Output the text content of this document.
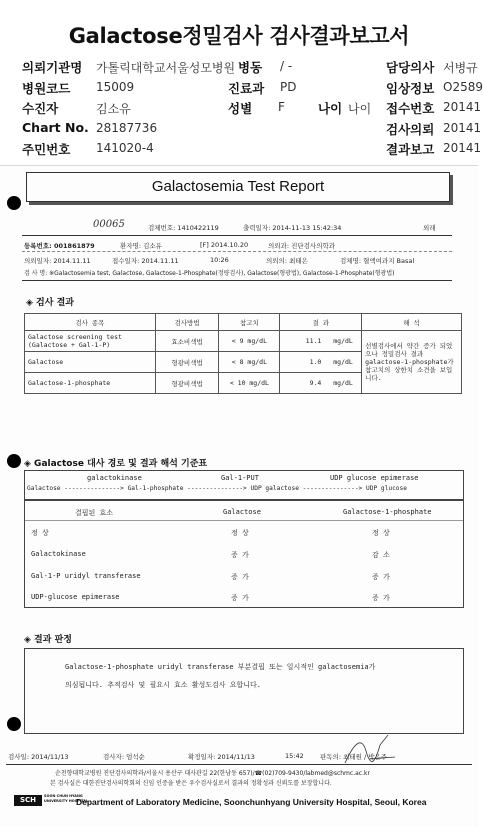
Galactose정밀검사 검사결과보고서
의뢰기관명 가톨릭대학교서울성모병원 병동 / -	담당의사 서병규
병원코드 15009	진료과 PD	임상정보 O2589
수진자	김소유	성별 F	나이 나이 접수번호 20141
Chart No. 28187736	검사의뢰 20141
주민번호 141020-4	결과보고 20141
Galactosemia Test Report
00065	검체번호: 1410422119	출력일자: 2014-11-13 15:42:34	외래
등록번호: 001861879	환자명: 김소유	[F] 2014.10.20	의뢰과: 진단검사의학과
의뢰일자: 2014.11.11	접수일자: 2014.11.11	10:26	의뢰의: 최태은	검체명: 혈액여과지 Basal
검 사 명: ※Galactosemia test, Galactose, Galactose-1-Phosphate(정량검사), Galactose(형광법), Galactose-1-Phosphate(형광법)
◈ 검사 결과
검사 종목	검사방법	참고치	결 과	해 석
Galactose screening test (Galactose + Gal-1-P)	효소비색법	< 9 mg/dL	11.1 mg/dL	선별검사에서 약간 증가 되었으나 정밀검사 결과 galactose-1-phosphate가 참고치의 상한치 소견을 보입니다.
Galactose	형광비색법	< 8 mg/dL	1.0 mg/dL	
Galactose-1-phosphate	형광비색법	< 10 mg/dL	9.4 mg/dL	
◈ Galactose 대사 경로 및 결과 해석 기준표
galactokinase	Gal-1-PUT	UDP glucose epimerase
Galactose ---------------> Gal-1-phosphate ---------------> UDP galactose ---------------> UDP glucose
결핍된 효소	Galactose	Galactose-1-phosphate
정 상	정 상	정 상
Galactokinase	증 가	감 소
Gal-1-P uridyl transferase	증 가	증 가
UDP-glucose epimerase	증 가	증 가
◈ 결과 판정
Galactose-1-phosphate uridyl transferase 부분결핍 또는 일시적인 galactosemia가
의심됩니다. 추적검사 및 필요시 효소 활성도검사 요합니다.
검사일: 2014/11/13	검사자: 엄석순	확정일자: 2014/11/13	15:42	판독의: 최태원 / 박은주
순천향대학교병원 진단검사의학과/서울시 용산구 대사관길 22(한남동 657)/☎(02)709-9430/labmed@schmc.ac.kr
본 검사실은 대한진단검사의학회의 신임 인증을 받은 우수검사실로서 결과의 정확성과 신뢰도를 보장합니다.
SCH	SOON CHUN HYANG
UNIVERSITY HOSPITAL
Department of Laboratory Medicine, Soonchunhyang University Hospital, Seoul, Korea
